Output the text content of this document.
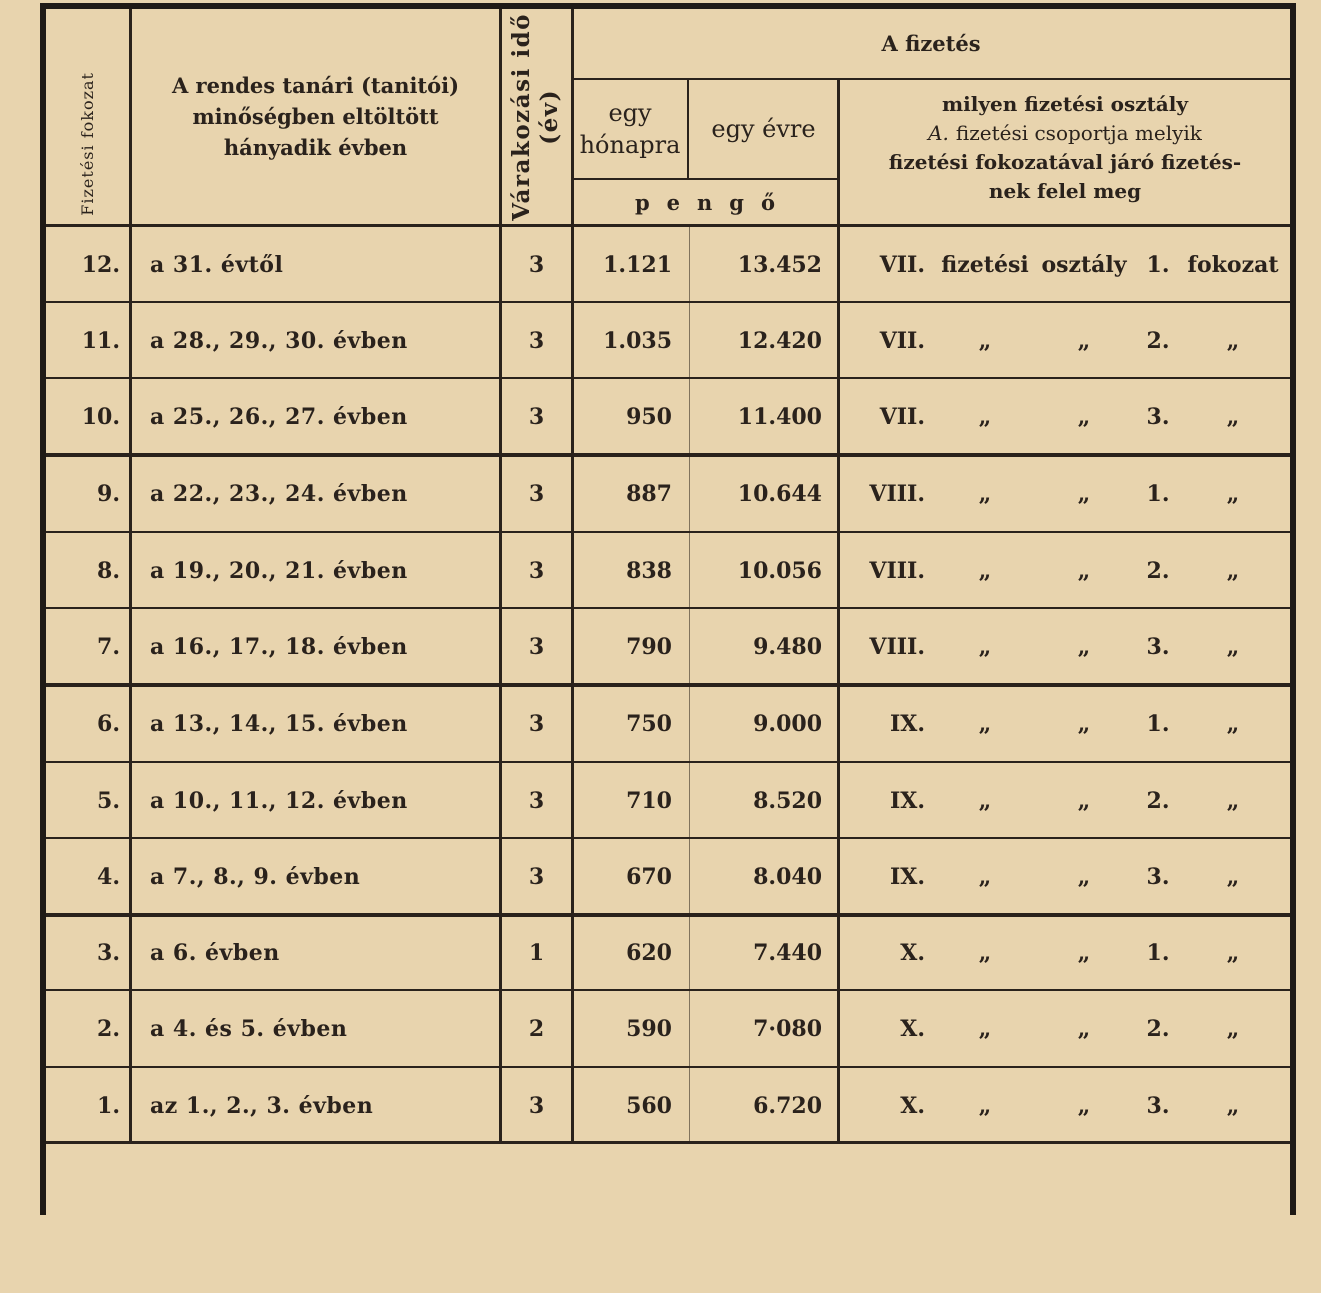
Fizetési fokozat	A rendes tanári (tanitói)
minőségben eltöltött
hányadik évben	Várakozási idő (év)
A fizetés
egy
hónapra
egy évre
pengő
milyen fizetési osztály
A. fizetési csoportja melyik
fizetési fokozatával járó fizetés-
nek felel meg
12. a 31. évtől	3	1.121	13.452	VII. fizetési osztály 1. fokozat
11. a 28., 29., 30. évben	3	1.035	12.420	VII.	„	„	2.	„
10. a 25., 26., 27. évben	3	950	11.400	VII.	„	„	3.	„
9. a 22., 23., 24. évben	3	887	10.644	VIII.	„	„	1.	„
8. a 19., 20., 21. évben	3	838	10.056	VIII.	„	„	2.	„
7. a 16., 17., 18. évben	3	790	9.480	VIII.	„	„	3.	„
6. a 13., 14., 15. évben	3	750	9.000	IX.	„	„	1.	„
5. a 10., 11., 12. évben	3	710	8.520	IX.	„	„	2.	„
4. a 7., 8., 9. évben	3	670	8.040	IX.	„	„	3.	„
3. a 6. évben	1	620	7.440	X.	„	„	1.	„
2. a 4. és 5. évben	2	590	7·080	X.	„	„	2.	„
1. az 1., 2., 3. évben	3	560	6.720	X.	„	„	3.	„
